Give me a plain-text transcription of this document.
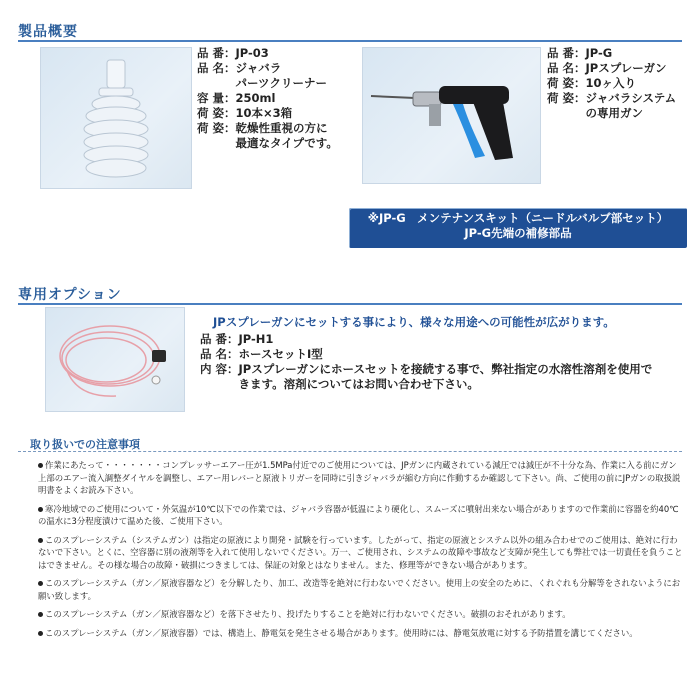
製品概要
品 番： JP-03
品 名： ジャバラ
パーツクリーナー
容 量： 250ml
荷 姿： 10本×3箱
荷 姿： 乾燥性重視の方に
最適なタイプです。
品 番： JP-G
品 名： JPスプレーガン
荷 姿： 10ヶ入り
荷 姿： ジャバラシステム
の専用ガン
※JP-G　メンテナンスキット（ニードルバルブ部セット）
JP-G先端の補修部品
専用オプション
JPスプレーガンにセットする事により、様々な用途への可能性が広がります。
品 番： JP-H1
品 名： ホースセットⅠ型
内 容： JPスプレーガンにホースセットを接続する事で、弊社指定の水溶性溶剤を使用で
きます。溶剤についてはお問い合わせ下さい。
取り扱いでの注意事項
作業にあたって・・・・・・・コンプレッサーエアー圧が1.5MPa付近でのご使用については、JPガンに内蔵されている減圧では減圧が不十分な為、作業に入る前にガン上部のエアー流入調整ダイヤルを調整し、エアー用レバーと原液トリガーを同時に引きジャバラが縮む方向に作動するか確認して下さい。尚、ご使用の前にJPガンの取扱説明書をよくお読み下さい。
寒冷地域でのご使用について・外気温が10℃以下での作業では、ジャバラ容器が低温により硬化し、スムーズに噴射出来ない場合がありますので作業前に容器を約40℃の温水に3分程度漬けて温めた後、ご使用下さい。
このスプレーシステム（システムガン）は指定の原液により開発・試験を行っています。したがって、指定の原液とシステム以外の組み合わせでのご使用は、絶対に行わないで下さい。とくに、空容器に別の液剤等を入れて使用しないでください。万一、ご使用され、システムの故障や事故など支障が発生しても弊社では一切責任を負うことはできません。その様な場合の故障・破損につきましては、保証の対象とはなりません。また、修理等ができない場合があります。
このスプレーシステム（ガン／原液容器など）を分解したり、加工、改造等を絶対に行わないでください。使用上の安全のために、くれぐれも分解等をされないようにお願い致します。
このスプレーシステム（ガン／原液容器など）を落下させたり、投げたりすることを絶対に行わないでください。破損のおそれがあります。
このスプレーシステム（ガン／原液容器）では、構造上、静電気を発生させる場合があります。使用時には、静電気放電に対する予防措置を講じてください。
